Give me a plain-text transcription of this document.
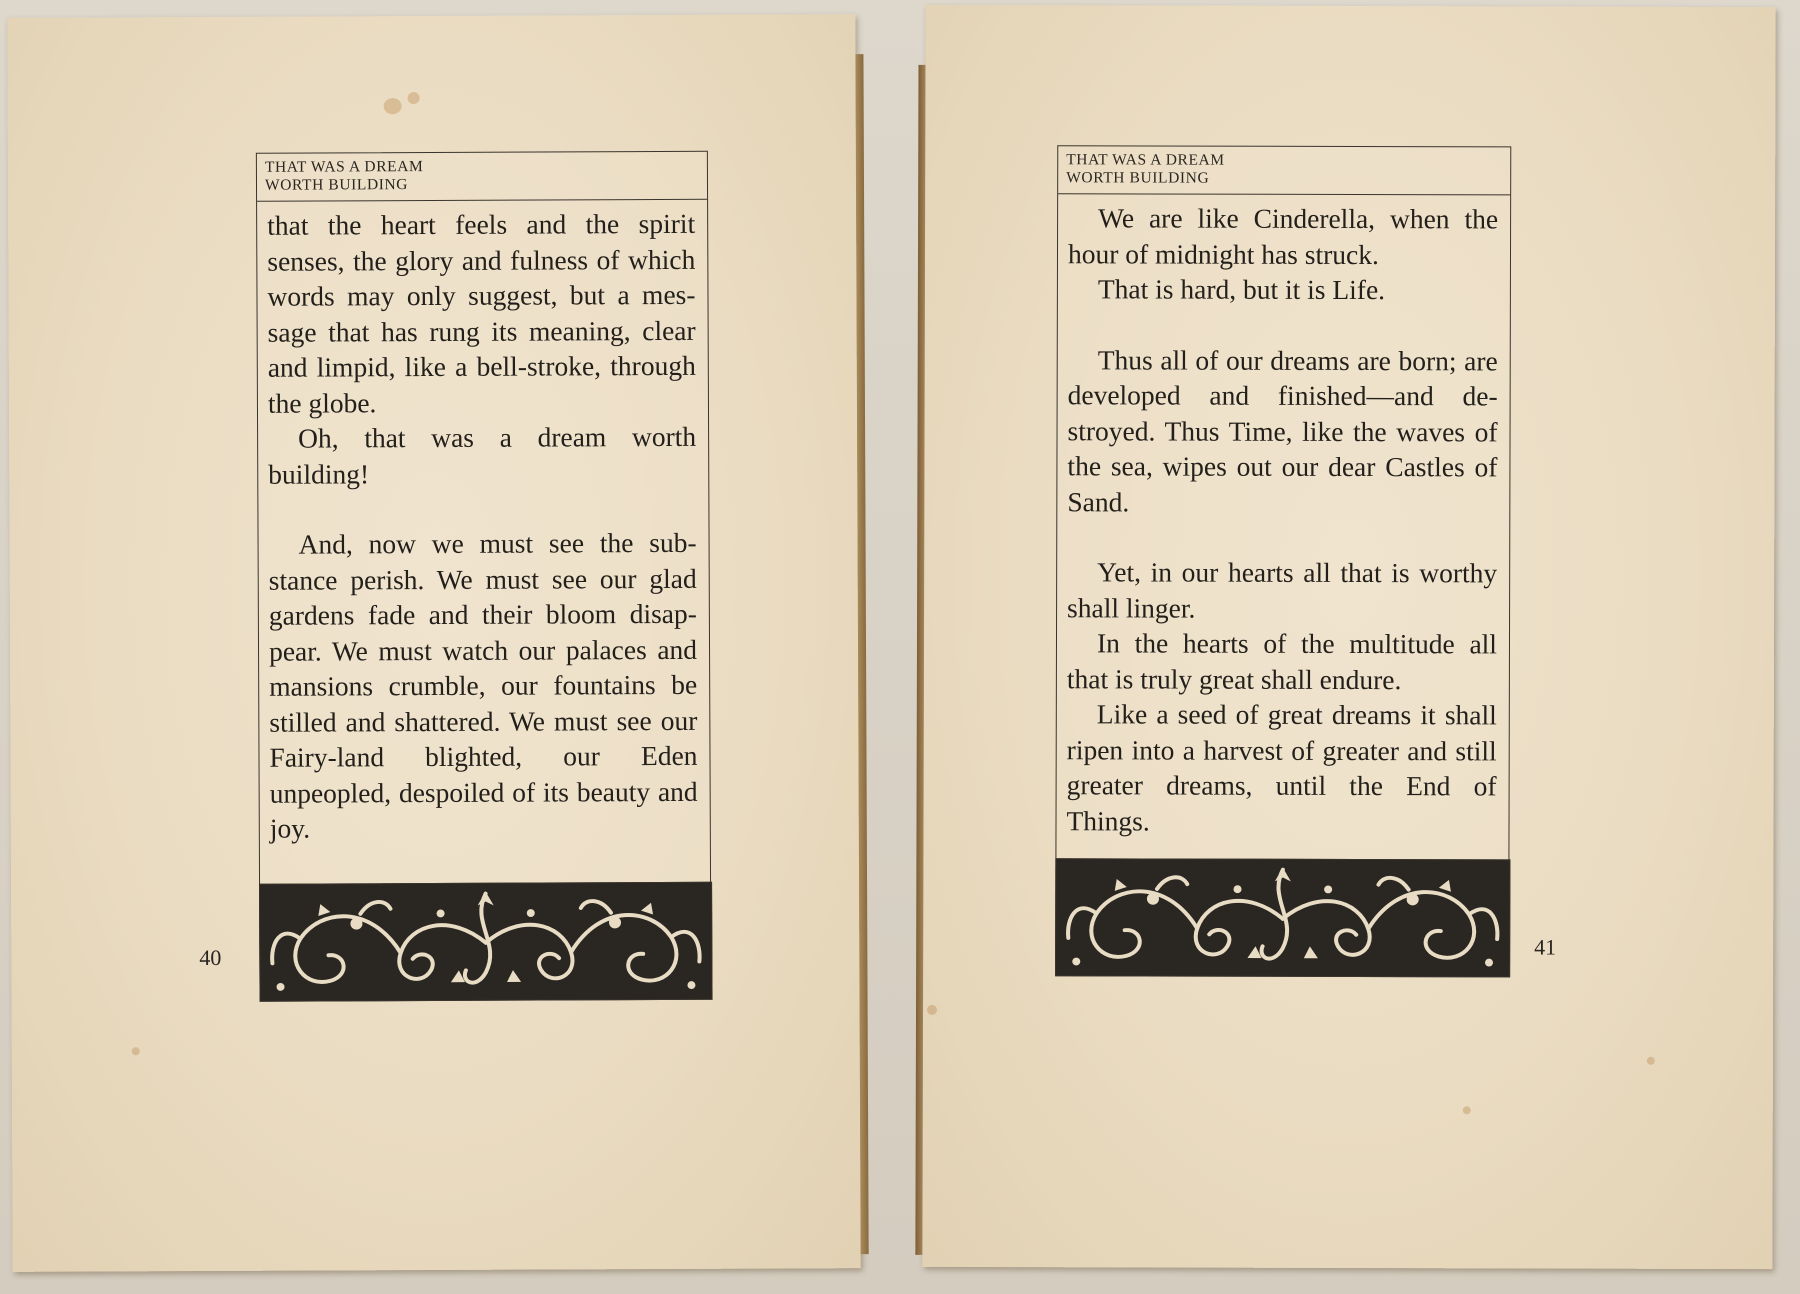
THAT WAS A DREAM
WORTH BUILDING

that the heart feels and the spirit senses, the glory and fulness of which words may only suggest, but a mes-sage that has rung its meaning, clear and limpid, like a bell-stroke, through the globe.

Oh, that was a dream worth building!

And, now we must see the sub-stance perish. We must see our glad gardens fade and their bloom disap-pear. We must watch our palaces and mansions crumble, our fountains be stilled and shattered. We must see our Fairy-land blighted, our Eden unpeopled, despoiled of its beauty and joy.

40
THAT WAS A DREAM
WORTH BUILDING

We are like Cinderella, when the hour of midnight has struck.

That is hard, but it is Life.

Thus all of our dreams are born; are developed and finished—and de-stroyed. Thus Time, like the waves of the sea, wipes out our dear Castles of Sand.

Yet, in our hearts all that is worthy shall linger.

In the hearts of the multitude all that is truly great shall endure.

Like a seed of great dreams it shall ripen into a harvest of greater and still greater dreams, until the End of Things.

41
